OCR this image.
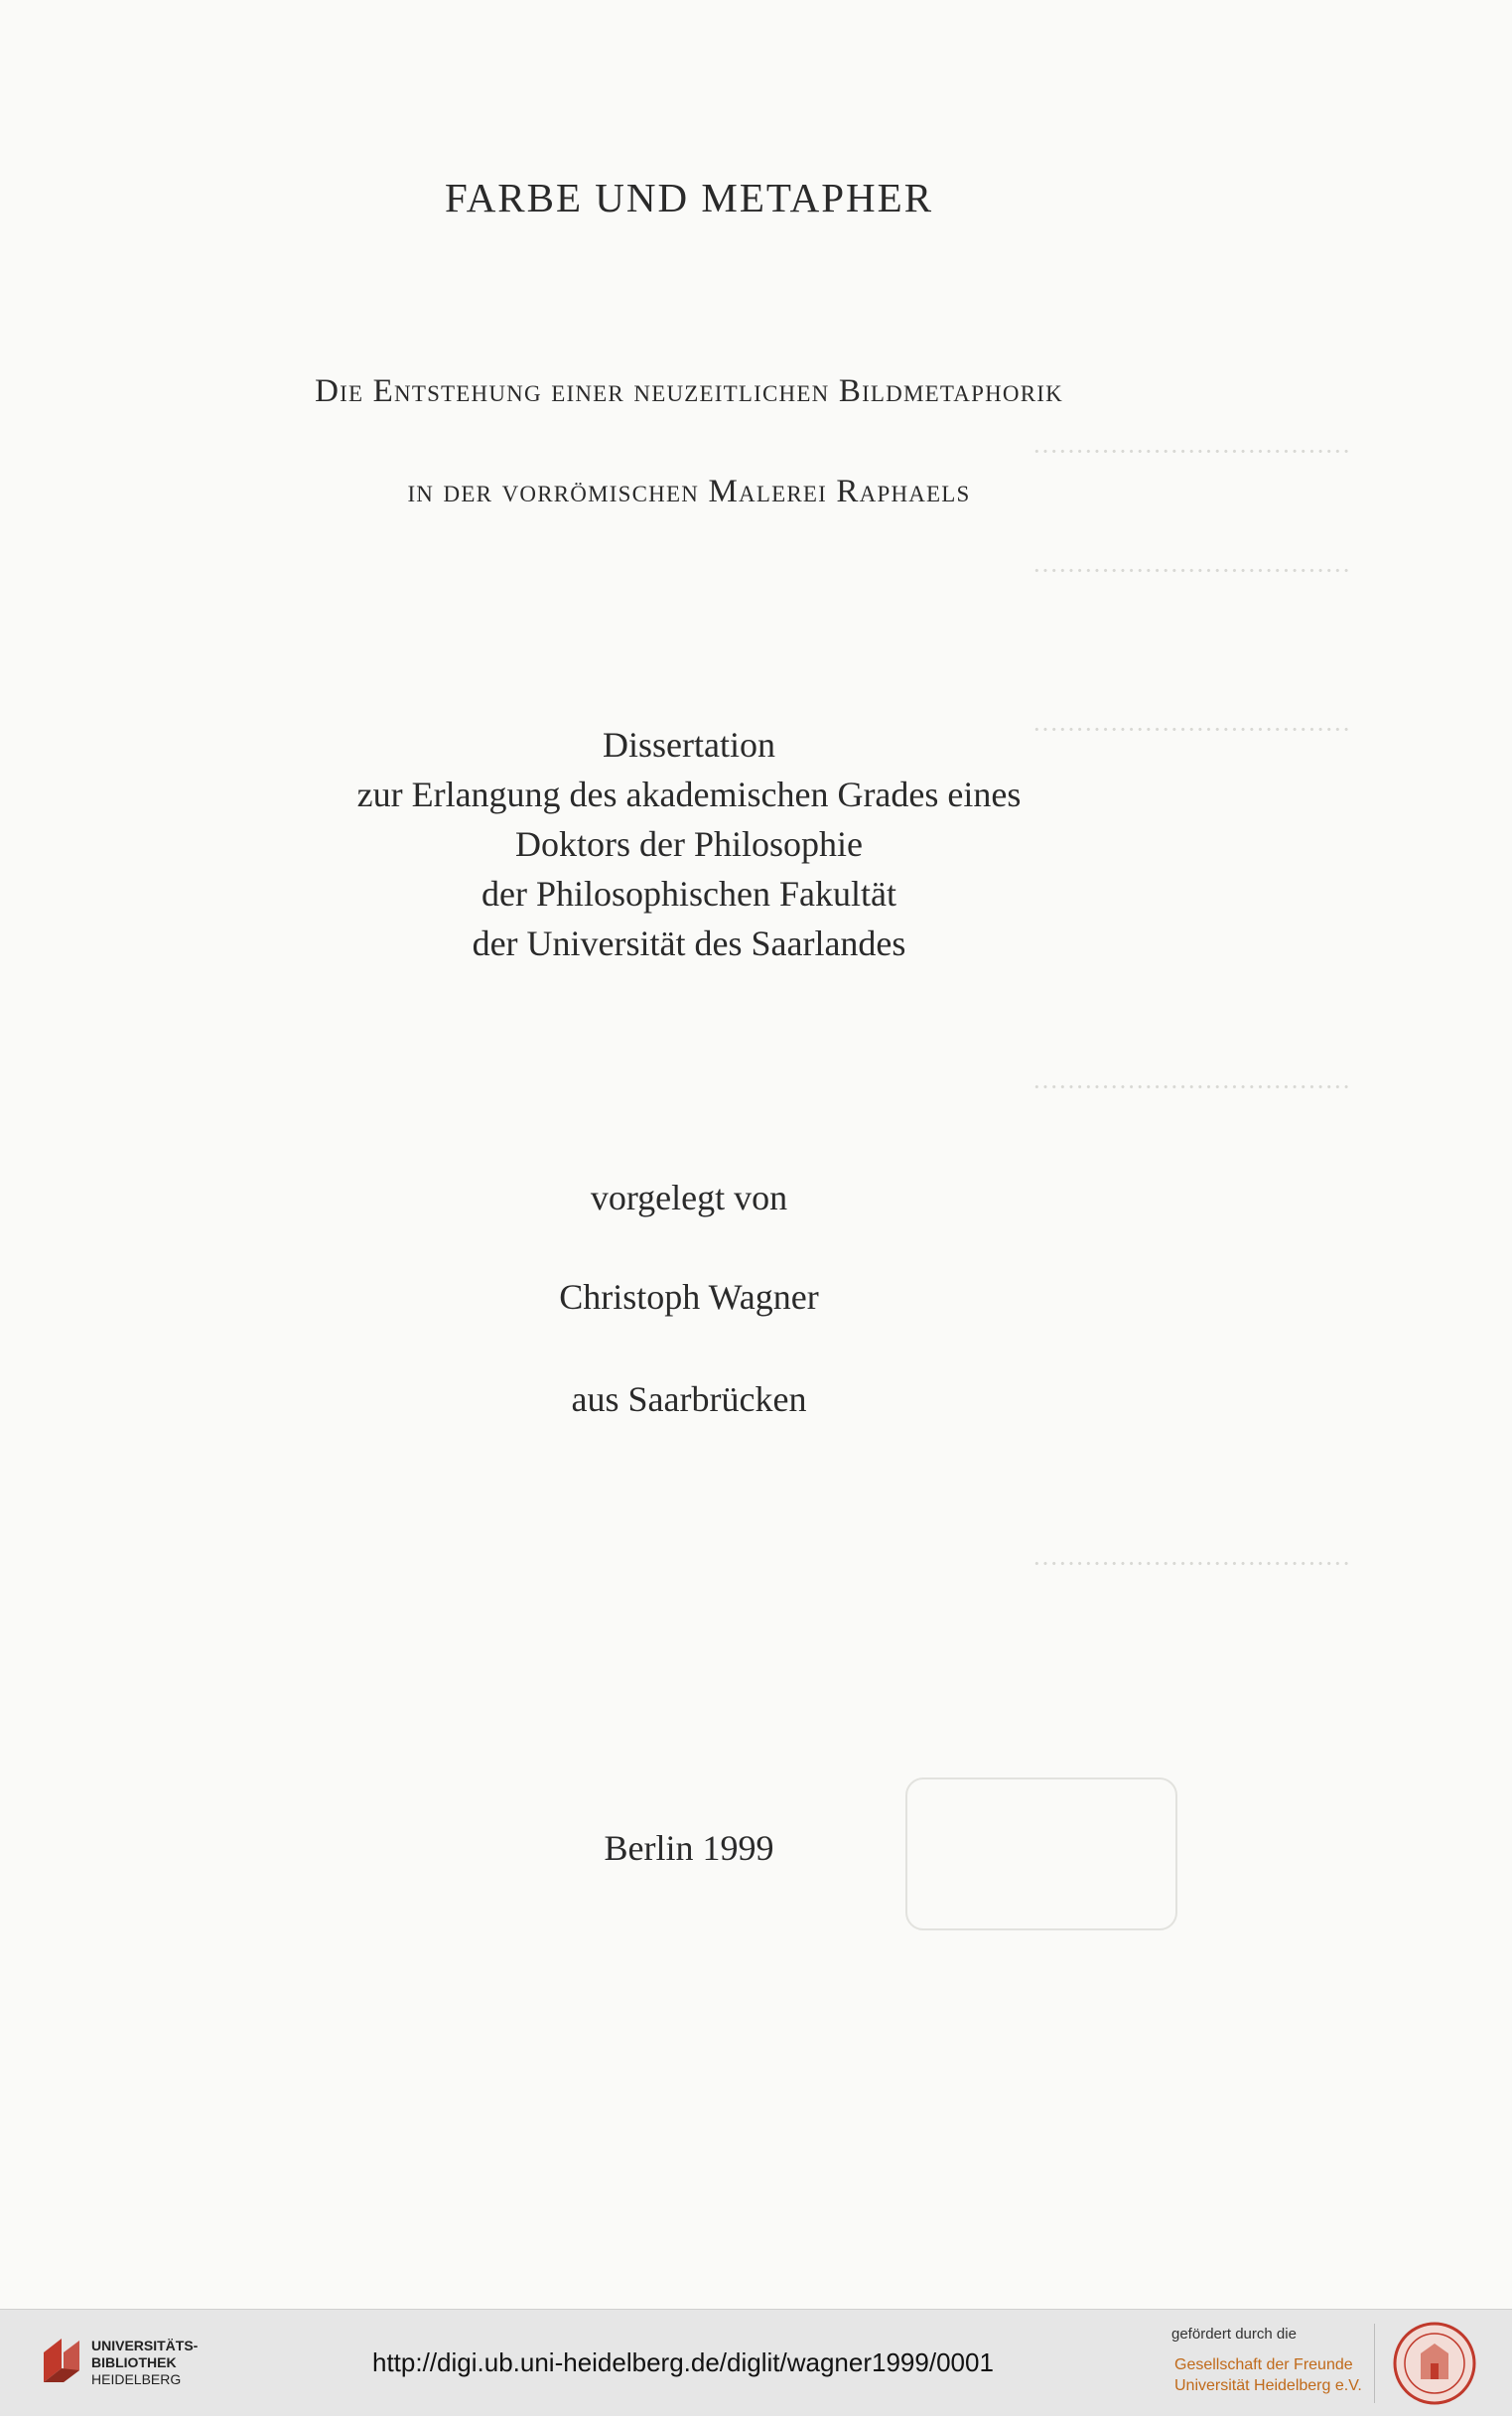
·····································
·····································
·····································
·····································
·····································
FARBE UND METAPHER
Die Entstehung einer neuzeitlichen Bildmetaphorik
in der vorrömischen Malerei Raphaels
Dissertation
zur Erlangung des akademischen Grades eines
Doktors der Philosophie
der Philosophischen Fakultät
der Universität des Saarlandes
vorgelegt von
Christoph Wagner
aus Saarbrücken
Berlin 1999
UNIVERSITÄTS-
BIBLIOTHEK
HEIDELBERG
http://digi.ub.uni-heidelberg.de/diglit/wagner1999/0001
gefördert durch die
Gesellschaft der Freunde
Universität Heidelberg e.V.
